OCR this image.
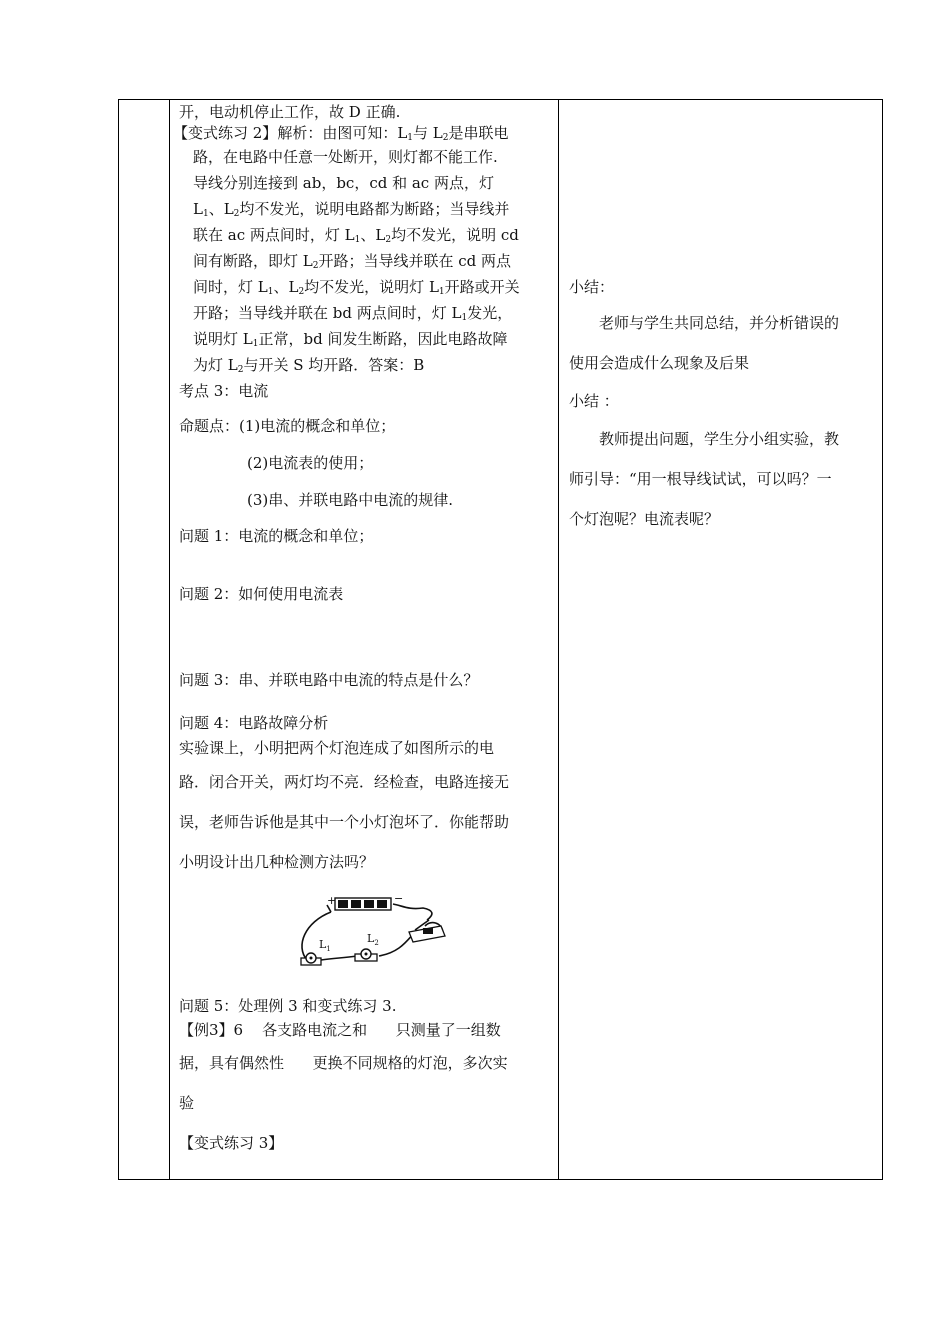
开，电动机停止工作，故 D 正确.

【变式练习 2】解析：由图可知：$L_1$与 $L_2$是串联电

路，在电路中任意一处断开，则灯都不能工作.

导线分别连接到 ab，bc，cd 和 ac 两点，灯

$L_1$、$L_2$均不发光，说明电路都为断路；当导线并

联在 ac 两点间时，灯 $L_1$、$L_2$均不发光，说明 cd

间有断路，即灯 $L_2$开路；当导线并联在 cd 两点

间时，灯 $L_1$、$L_2$均不发光，说明灯 $L_1$开路或开关

开路；当导线并联在 bd 两点间时，灯 $L_1$发光，

说明灯 $L_1$正常，bd 间发生断路，因此电路故障

为灯 $L_2$与开关 S 均开路．答案：B

考点 3：电流

命题点：(1)电流的概念和单位；

(2)电流表的使用；

(3)串、并联电路中电流的规律.

问题 1：电流的概念和单位；

问题 2：如何使用电流表

问题 3：串、并联电路中电流的特点是什么？

问题 4：电路故障分析

实验课上，小明把两个灯泡连成了如图所示的电

路．闭合开关，两灯均不亮．经检查，电路连接无

误，老师告诉他是其中一个小灯泡坏了．你能帮助

小明设计出几种检测方法吗？

+	−
$L_1$
$L_2$

问题 5：处理例 3 和变式练习 3.

【例3】6    各支路电流之和      只测量了一组数

据，具有偶然性      更换不同规格的灯泡，多次实

验

【变式练习 3】

小结：

老师与学生共同总结，并分析错误的

使用会造成什么现象及后果

小结 ：

教师提出问题，学生分小组实验，教

师引导：“用一根导线试试，可以吗？一

个灯泡呢？电流表呢？
